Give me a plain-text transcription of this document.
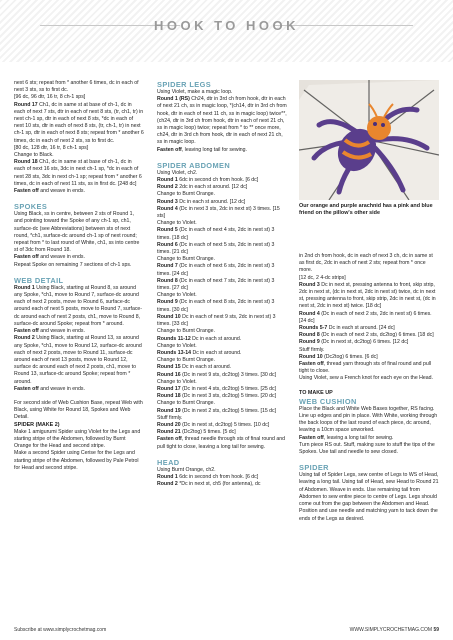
HOOK TO HOOK

next 6 sts; repeat from * another 6 times, dc in each of next 3 sts, ss to first dc.

[96 dc, 96 dtr, 16 tr, 8 ch-1 sps]

Round 17 Ch1, dc in same st at base of ch-1, dc in each of next 7 sts, dtr in each of next 8 sts, (tr, ch1, tr) in next ch-1 sp, dtr in each of next 8 sts, *dc in each of next 10 sts, dtr in each of next 8 sts, (tr, ch-1, tr) in next ch-1 sp, dtr in each of next 8 sts; repeat from * another 6 times, dc in each of next 2 sts, ss to first dc.

[80 dc, 128 dtr, 16 tr, 8 ch-1 sps]

Change to Black.

Round 18 Ch1, dc in same st at base of ch-1, dc in each of next 16 sts, 3dc in next ch-1 sp, *dc in each of next 28 sts, 3dc in next ch-1 sp; repeat from * another 6 times, dc in each of next 11 sts, ss in first dc. [248 dc]

Fasten off and weave in ends.

SPOKES

Using Black, ss in centre, between 2 sts of Round 1, and pointing toward the Spoke of any ch-1 sp, ch1, surface-dc (see Abbreviations) between sts of next round, *ch1, surface-dc around ch-1 sp of next round; repeat from * to last round of White, ch1, ss into centre st of 3dc from Round 18.

Fasten off and weave in ends.

Repeat Spoke on remaining 7 sections of ch-1 sps.

WEB DETAIL

Round 1 Using Black, starting at Round 8, ss around any Spoke, *ch1, move to Round 7, surface-dc around each of next 2 posts, move to Round 6, surface-dc around each of next 5 posts, move to Round 7, surface-dc around each of next 2 posts, ch1, move to Round 8, surface-dc around Spoke; repeat from * around.

Fasten off and weave in ends.

Round 2 Using Black, starting at Round 13, ss around any Spoke, *ch1, move to Round 12, surface-dc around each of next 2 posts, move to Round 11, surface-dc around each of next 13 posts, move to Round 12, surface dc around each of next 2 posts, ch1, move to Round 13, surface-dc around Spoke; repeat from * around.

Fasten off and weave in ends.

For second side of Web Cushion Base, repeat Web with Black, using White for Round 18, Spokes and Web Detail.

SPIDER (MAKE 2)

Make 1 amigurumi Spider using Violet for the Legs and starting stripe of the Abdomen, followed by Burnt Orange for the Head and second stripe.

Make a second Spider using Cerise for the Legs and starting stripe of the Abdomen, followed by Pale Petrol for Head and second stripe.

SPIDER LEGS

Using Violet, make a magic loop.

Round 1 (RS) Ch24, dtr in 3rd ch from hook, dtr in each of next 21 ch, ss in magic loop, *(ch14, dtr in 3rd ch from hook, dtr in each of next 11 ch, ss in magic loop) twice**, (ch24, dtr in 3rd ch from hook, dtr in each of next 21 ch, ss in magic loop) twice; repeat from * to ** once more, ch24, dtr in 3rd ch from hook, dtr in each of next 21 ch, ss in magic loop.

Fasten off, leaving long tail for sewing.

SPIDER ABDOMEN

Using Violet, ch2.

Round 1 6dc in second ch from hook. [6 dc]

Round 2 2dc in each st around. [12 dc]

Change to Burnt Orange.

Round 3 Dc in each st around. [12 dc]

Round 4 (Dc in next 3 sts, 2dc in next st) 3 times. [15 sts]

Change to Violet.

Round 5 (Dc in each of next 4 sts, 2dc in next st) 3 times. [18 dc]

Round 6 (Dc in each of next 5 sts, 2dc in next st) 3 times. [21 dc]

Change to Burnt Orange.

Round 7 (Dc in each of next 6 sts, 2dc in next st) 3 times. [24 dc]

Round 8 (Dc in each of next 7 sts, 2dc in next st) 3 times. [27 dc]

Change to Violet.

Round 9 (Dc in each of next 8 sts, 2dc in next st) 3 times. [30 dc]

Round 10 Dc in each of next 9 sts, 2dc in next st) 3 times. [33 dc]

Change to Burnt Orange.

Rounds 11-12 Dc in each st around.

Change to Violet.

Rounds 13-14 Dc in each st around.

Change to Burnt Orange.

Round 15 Dc in each st around.

Round 16 (Dc in next 9 sts, dc2tog) 3 times. [30 dc]

Change to Violet.

Round 17 (Dc in next 4 sts, dc2tog) 5 times. [25 dc]

Round 18 (Dc in next 3 sts, dc2tog) 5 times. [20 dc]

Change to Burnt Orange.

Round 19 (Dc in next 2 sts, dc2tog) 5 times. [15 dc]

Stuff firmly.

Round 20 (Dc in next st, dc2tog) 5 times. [10 dc]

Round 21 (Dc2tog) 5 times. [5 dc]

Fasten off, thread needle through sts of final round and pull tight to close, leaving a long tail for sewing.

HEAD

Using Burnt Orange, ch2.

Round 1 6dc in second ch from hook. [6 dc]

Round 2 *Dc in next st, ch5 (for antenna), dc

Our orange and purple arachnid has a pink and blue friend on the pillow's other side

in 2nd ch from hook, dc in each of next 3 ch, dc in same st as first dc, 2dc in each of next 2 sts; repeat from * once more.

[12 dc, 2 4-dc strips]

Round 3 Dc in next st, pressing antenna to front, skip strip, 2dc in next st, (dc in next st, 2dc in next st) twice, dc in next st, pressing antenna to front, skip strip, 2dc in next st, (dc in next st, 2dc in next st) twice. [18 dc]

Round 4 (Dc in each of next 2 sts, 2dc in next st) 6 times. [24 dc]

Rounds 5-7 Dc in each st around. [24 dc]

Round 8 (Dc in each of next 2 sts, dc2tog) 6 times. [18 dc]

Round 9 (Dc in next st, dc2tog) 6 times. [12 dc]

Stuff firmly.

Round 10 (Dc2tog) 6 times. [6 dc]

Fasten off, thread yarn through sts of final round and pull tight to close.

Using Violet, sew a French knot for each eye on the Head.

TO MAKE UP

WEB CUSHION

Place the Black and White Web Bases together, RS facing. Line up edges and pin in place. With White, working through the back loops of the last round of each piece, dc around, leaving a 10cm space unworked.

Fasten off, leaving a long tail for sewing.

Turn piece RS out. Stuff, making sure to stuff the tips of the Spokes. Use tail and needle to sew closed.

SPIDER

Using tail of Spider Legs, sew centre of Legs to WS of Head, leaving a long tail. Using tail of Head, sew Head to Round 21 of Abdomen. Weave in ends. Use remaining tail from Abdomen to sew entire piece to centre of Legs. Legs should come out from the gap between the Abdomen and Head. Position and use needle and matching yarn to tack down the ends of the Legs as desired.

Subscribe at www.simplycrochetmag.com	WWW.SIMPLYCROCHETMAG.COM 59
